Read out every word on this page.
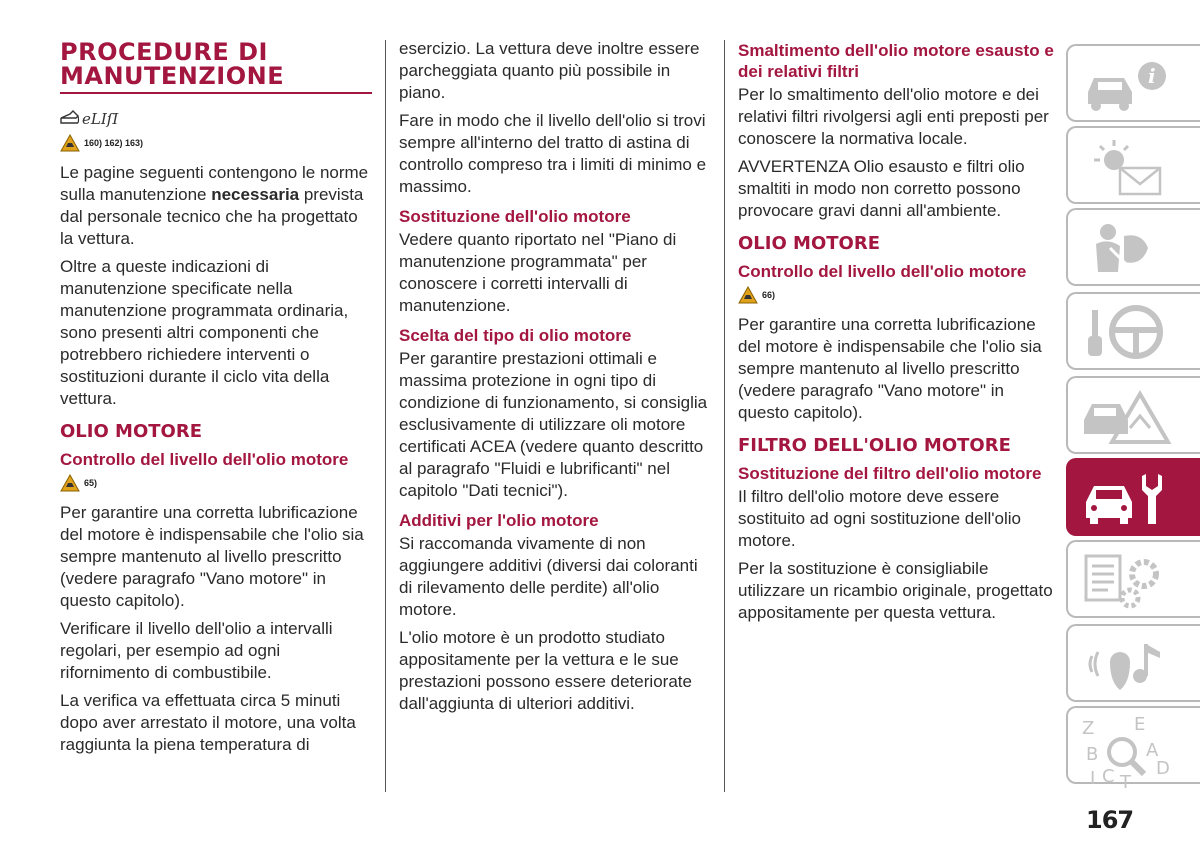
PROCEDURE DI MANUTENZIONE
eLIſI
160) 162) 163)
Le pagine seguenti contengono le norme sulla manutenzione necessaria prevista dal personale tecnico che ha progettato la vettura.
Oltre a queste indicazioni di manutenzione specificate nella manutenzione programmata ordinaria, sono presenti altri componenti che potrebbero richiedere interventi o sostituzioni durante il ciclo vita della vettura.
OLIO MOTORE
Controllo del livello dell'olio motore
65)
Per garantire una corretta lubrificazione del motore è indispensabile che l'olio sia sempre mantenuto al livello prescritto (vedere paragrafo "Vano motore" in questo capitolo).
Verificare il livello dell'olio a intervalli regolari, per esempio ad ogni rifornimento di combustibile.
La verifica va effettuata circa 5 minuti dopo aver arrestato il motore, una volta raggiunta la piena temperatura di
esercizio. La vettura deve inoltre essere parcheggiata quanto più possibile in piano.
Fare in modo che il livello dell'olio si trovi sempre all'interno del tratto di astina di controllo compreso tra i limiti di minimo e massimo.
Sostituzione dell'olio motore
Vedere quanto riportato nel "Piano di manutenzione programmata" per conoscere i corretti intervalli di manutenzione.
Scelta del tipo di olio motore
Per garantire prestazioni ottimali e massima protezione in ogni tipo di condizione di funzionamento, si consiglia esclusivamente di utilizzare oli motore certificati ACEA (vedere quanto descritto al paragrafo "Fluidi e lubrificanti" nel capitolo "Dati tecnici").
Additivi per l'olio motore
Si raccomanda vivamente di non aggiungere additivi (diversi dai coloranti di rilevamento delle perdite) all'olio motore.
L'olio motore è un prodotto studiato appositamente per la vettura e le sue prestazioni possono essere deteriorate dall'aggiunta di ulteriori additivi.
Smaltimento dell'olio motore esausto e dei relativi filtri
Per lo smaltimento dell'olio motore e dei relativi filtri rivolgersi agli enti preposti per conoscere la normativa locale.
AVVERTENZA Olio esausto e filtri olio smaltiti in modo non corretto possono provocare gravi danni all'ambiente.
OLIO MOTORE
Controllo del livello dell'olio motore
66)
Per garantire una corretta lubrificazione del motore è indispensabile che l'olio sia sempre mantenuto al livello prescritto (vedere paragrafo "Vano motore" in questo capitolo).
FILTRO DELL'OLIO MOTORE
Sostituzione del filtro dell'olio motore
Il filtro dell'olio motore deve essere sostituito ad ogni sostituzione dell'olio motore.
Per la sostituzione è consigliabile utilizzare un ricambio originale, progettato appositamente per questa vettura.
i
Z E
B	A
I C T
D
167
